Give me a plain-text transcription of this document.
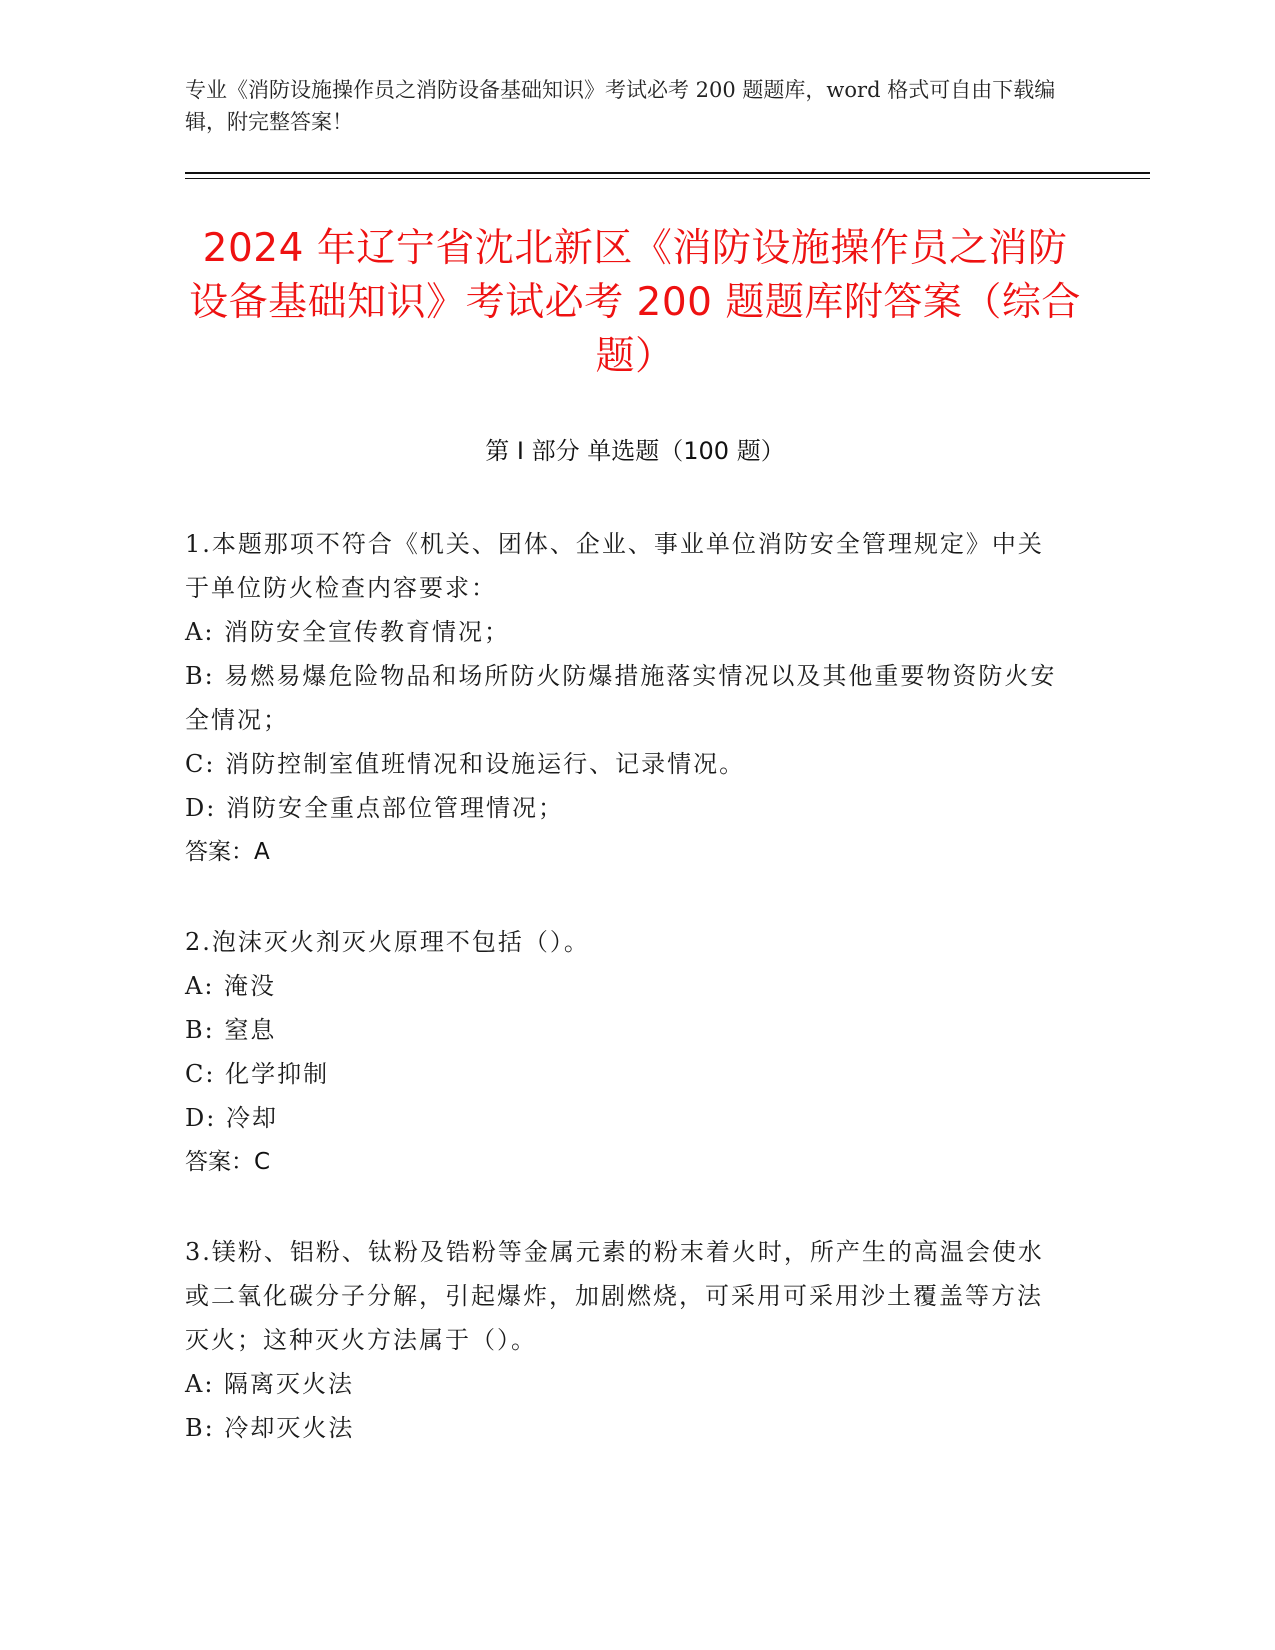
专业《消防设施操作员之消防设备基础知识》考试必考 200 题题库，word 格式可自由下载编辑，附完整答案！
2024 年辽宁省沈北新区《消防设施操作员之消防设备基础知识》考试必考 200 题题库附答案（综合题）
第 I 部分 单选题（100 题）
1.本题那项不符合《机关、团体、企业、事业单位消防安全管理规定》中关于单位防火检查内容要求：
A: 消防安全宣传教育情况；
B: 易燃易爆危险物品和场所防火防爆措施落实情况以及其他重要物资防火安全情况；
C: 消防控制室值班情况和设施运行、记录情况。
D: 消防安全重点部位管理情况；
答案：A
2.泡沫灭火剂灭火原理不包括（）。
A: 淹没
B: 窒息
C: 化学抑制
D: 冷却
答案：C
3.镁粉、铝粉、钛粉及锆粉等金属元素的粉末着火时，所产生的高温会使水或二氧化碳分子分解，引起爆炸，加剧燃烧，可采用可采用沙土覆盖等方法灭火；这种灭火方法属于（）。
A: 隔离灭火法
B: 冷却灭火法
